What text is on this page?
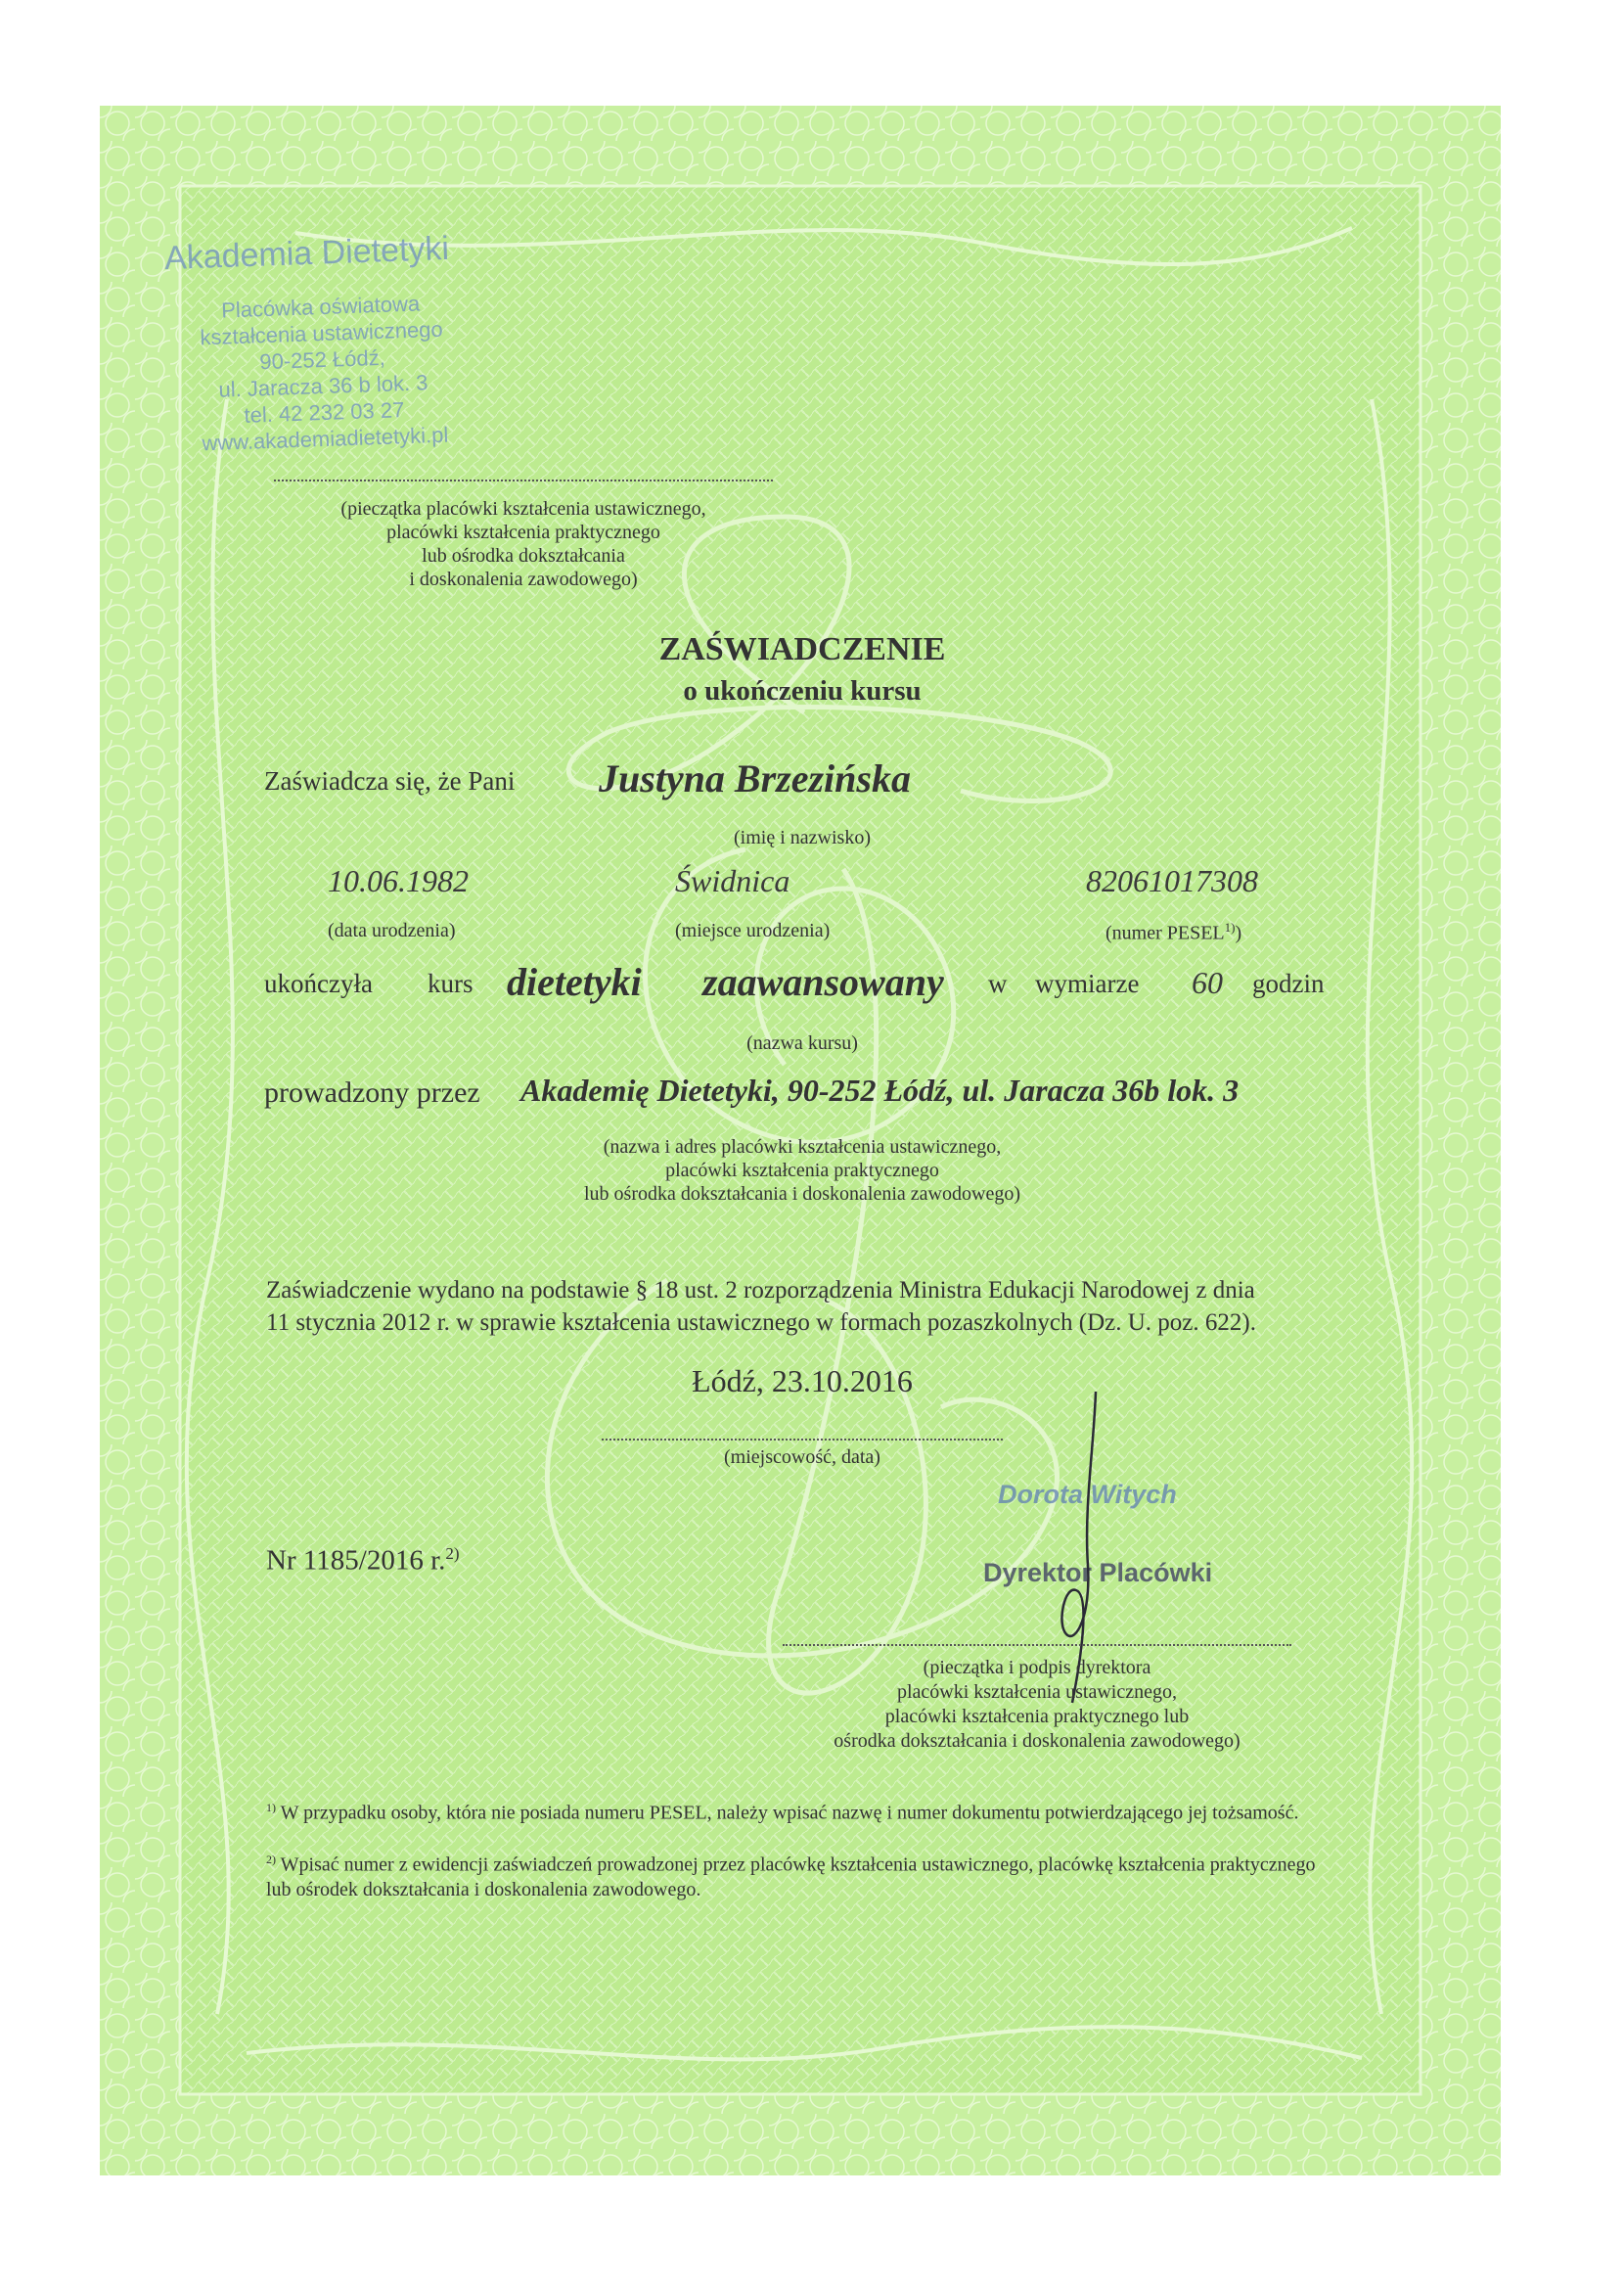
Akademia Dietetyki
Placówka oświatowa
kształcenia ustawicznego
90-252 Łódź,
ul. Jaracza 36 b lok. 3
tel. 42 232 03 27
www.akademiadietetyki.pl
(pieczątka placówki kształcenia ustawicznego,
placówki kształcenia praktycznego
lub ośrodka dokształcania
i doskonalenia zawodowego)
ZAŚWIADCZENIE
o ukończeniu kursu
Zaświadcza się, że Pani Justyna Brzezińska
(imię i nazwisko)
10.06.1982
(data urodzenia)
Świdnica
(miejsce urodzenia)
82061017308
(numer PESEL$^{1)}$)
ukończyła kurs dietetyki zaawansowany w wymiarze 60 godzin
(nazwa kursu)
prowadzony przez Akademię Dietetyki, 90-252 Łódź, ul. Jaracza 36b lok. 3
(nazwa i adres placówki kształcenia ustawicznego,
placówki kształcenia praktycznego
lub ośrodka dokształcania i doskonalenia zawodowego)
Zaświadczenie wydano na podstawie § 18 ust. 2 rozporządzenia Ministra Edukacji Narodowej z dnia
11 stycznia 2012 r. w sprawie kształcenia ustawicznego w formach pozaszkolnych (Dz. U. poz. 622).
Łódź, 23.10.2016
(miejscowość, data)
Nr 1185/2016 r.$^{2)}$
Dorota Witych
Dyrektor Placówki
(pieczątka i podpis dyrektora
placówki kształcenia ustawicznego,
placówki kształcenia praktycznego lub
ośrodka dokształcania i doskonalenia zawodowego)
$^{1)}$ W przypadku osoby, która nie posiada numeru PESEL, należy wpisać nazwę i numer dokumentu potwierdzającego jej tożsamość.
$^{2)}$ Wpisać numer z ewidencji zaświadczeń prowadzonej przez placówkę kształcenia ustawicznego, placówkę kształcenia praktycznego lub ośrodek dokształcania i doskonalenia zawodowego.
